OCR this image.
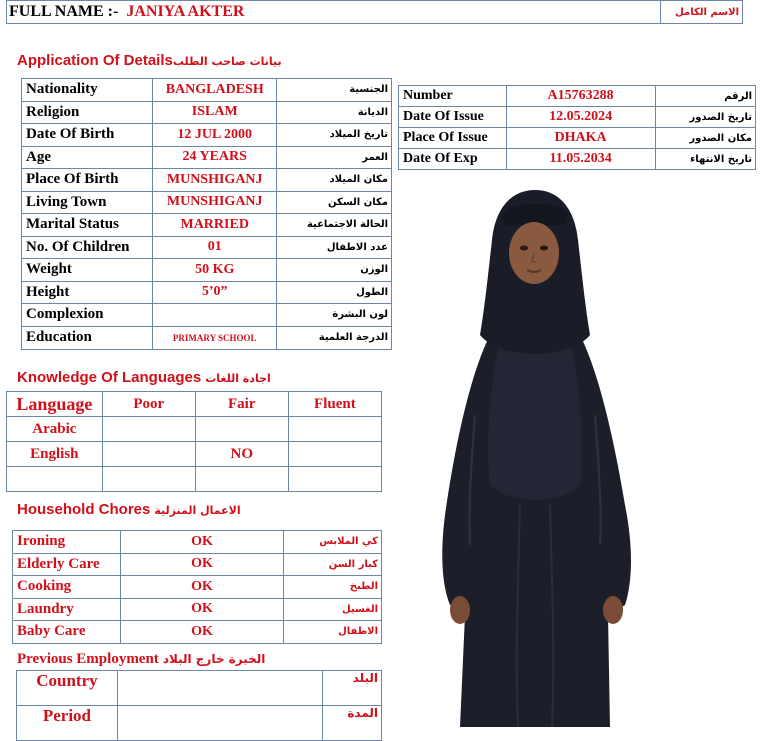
FULL NAME :- JANIYA AKTER	الاسم الكامل
Application Of Detailsبيانات صاحب الطلب
Nationality	BANGLADESH	الجنسية
Religion	ISLAM	الديانة
Date Of Birth	12 JUL 2000	تاريخ الميلاد
Age	24 YEARS	العمر
Place Of Birth	MUNSHIGANJ	مكان الميلاد
Living Town	MUNSHIGANJ	مكان السكن
Marital Status	MARRIED	الحالة الاجتماعية
No. Of Children	01	عدد الاطفال
Weight	50 KG	الوزن
Height	5’0”	الطول
Complexion		لون البشرة
Education	PRIMARY SCHOOL	الدرجة العلمية
Number	A15763288	الرقم
Date Of Issue	12.05.2024	تاريخ الصدور
Place Of Issue	DHAKA	مكان الصدور
Date Of Exp	11.05.2034	تاريخ الانتهاء
Knowledge Of Languages اجادة اللغات
Language	Poor	Fair	Fluent
Arabic			
English		NO	

Household Chores الاعمال المنزلية
Ironing	OK	كي الملابس
Elderly Care	OK	كبار السن
Cooking	OK	الطبخ
Laundry	OK	الغسيل
Baby Care	OK	الاطفال
Previous Employment الخبرة خارج البلاد
Country		البلد
Period		المدة
